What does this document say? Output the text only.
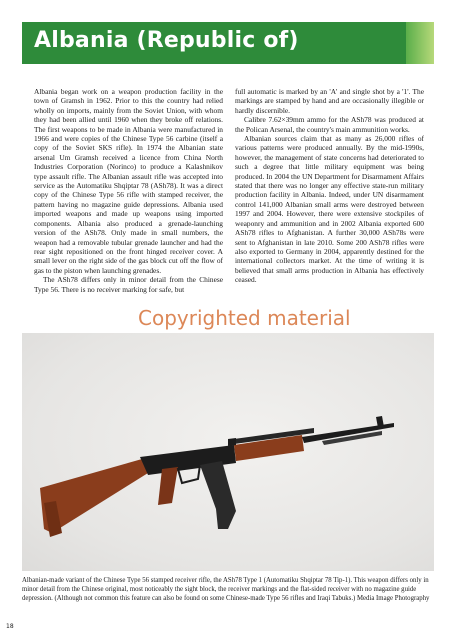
Albania (Republic of)

Albania began work on a weapon production facility in the town of Gramsh in 1962. Prior to this the country had relied wholly on imports, mainly from the Soviet Union, with whom they had been allied until 1960 when they broke off relations. The first weapons to be made in Albania were manufactured in 1966 and were copies of the Chinese Type 56 carbine (itself a copy of the Soviet SKS rifle). In 1974 the Albanian state arsenal Um Gramsh received a licence from China North Industries Corporation (Norinco) to produce a Kalashnikov type assault rifle. The Albanian assault rifle was accepted into service as the Automatiku Shqiptar 78 (ASh78). It was a direct copy of the Chinese Type 56 rifle with stamped receiver, the pattern having no magazine guide depressions. Albania used imported weapons and made up weapons using imported components. Albania also produced a grenade-launching version of the ASh78. Only made in small numbers, the weapon had a removable tubular grenade launcher and had the rear sight repositioned on the front hinged receiver cover. A small lever on the right side of the gas block cut off the flow of gas to the piston when launching grenades.

The ASh78 differs only in minor detail from the Chinese Type 56. There is no receiver marking for safe, but

full automatic is marked by an 'A' and single shot by a '1'. The markings are stamped by hand and are occasionally illegible or hardly discernible.

Calibre 7.62×39mm ammo for the ASh78 was produced at the Polican Arsenal, the country's main ammunition works.

Albanian sources claim that as many as 26,000 rifles of various patterns were produced annually. By the mid-1990s, however, the management of state concerns had deteriorated to such a degree that little military equipment was being produced. In 2004 the UN Department for Disarmament Affairs stated that there was no longer any effective state-run military production facility in Albania. Indeed, under UN disarmament control 141,000 Albanian small arms were destroyed between 1997 and 2004. However, there were extensive stockpiles of weaponry and ammunition and in 2002 Albania exported 600 ASh78 rifles to Afghanistan. A further 30,000 ASh78s were sent to Afghanistan in late 2010. Some 200 ASh78 rifles were also exported to Germany in 2004, apparently destined for the international collectors market. At the time of writing it is believed that small arms production in Albania has effectively ceased.

Copyrighted material
Albanian-made variant of the Chinese Type 56 stamped receiver rifle, the ASh78 Type 1 (Automatiku Shqiptar 78 Tip-1). This weapon differs only in minor detail from the Chinese original, most noticeably the sight block, the receiver markings and the flat-sided receiver with no magazine guide depression. (Although not common this feature can also be found on some Chinese-made Type 56 rifles and Iraqi Tabuks.) Media Image Photography
18
